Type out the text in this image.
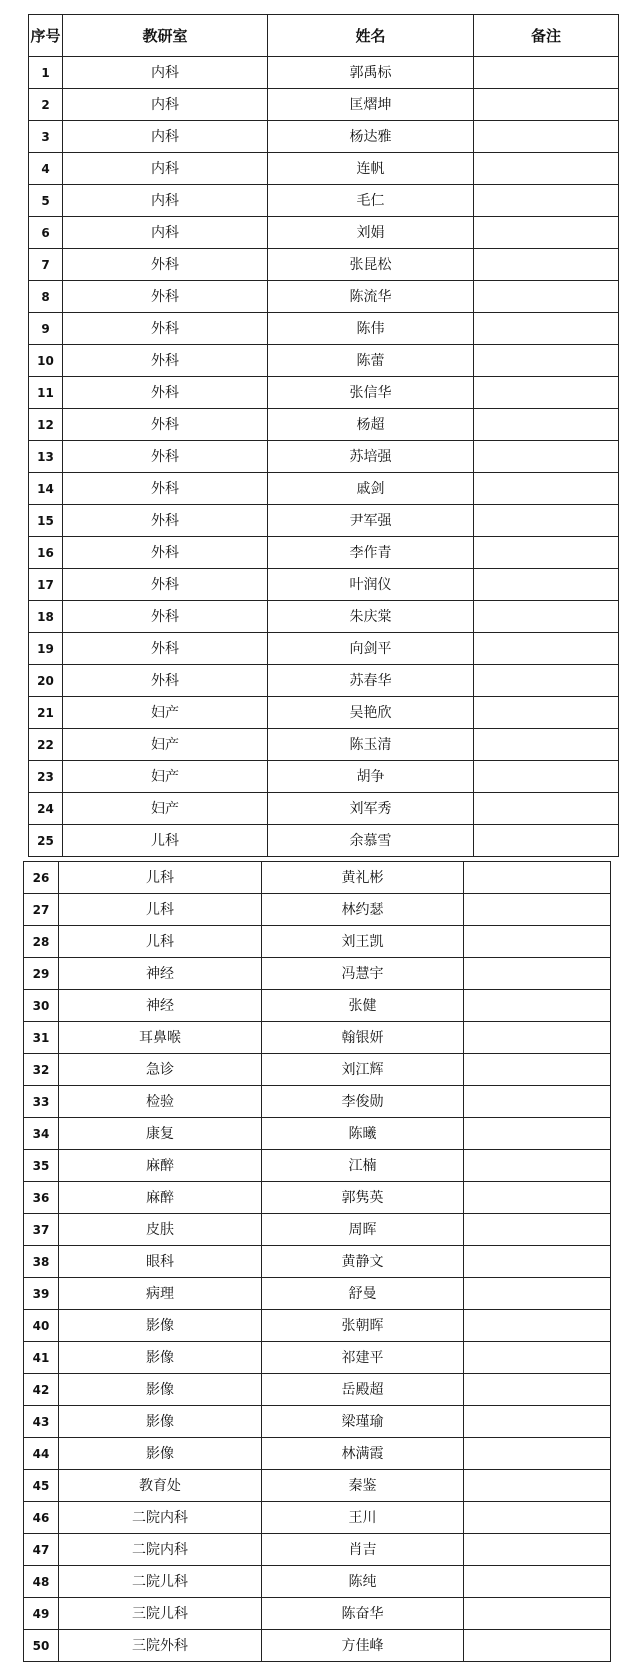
序号	教研室	姓名	备注
1	内科	郭禹标	
2	内科	匡熠坤	
3	内科	杨达雅	
4	内科	连帆	
5	内科	毛仁	
6	内科	刘娟	
7	外科	张昆松	
8	外科	陈流华	
9	外科	陈伟	
10	外科	陈蕾	
11	外科	张信华	
12	外科	杨超	
13	外科	苏培强	
14	外科	戚剑	
15	外科	尹军强	
16	外科	李作青	
17	外科	叶润仪	
18	外科	朱庆棠	
19	外科	向剑平	
20	外科	苏春华	
21	妇产	吴艳欣	
22	妇产	陈玉清	
23	妇产	胡争	
24	妇产	刘军秀	
25	儿科	余慕雪	
26	儿科	黄礼彬	
27	儿科	林约瑟	
28	儿科	刘王凯	
29	神经	冯慧宇	
30	神经	张健	
31	耳鼻喉	翰银妍	
32	急诊	刘江辉	
33	检验	李俊勋	
34	康复	陈曦	
35	麻醉	江楠	
36	麻醉	郭隽英	
37	皮肤	周晖	
38	眼科	黄静文	
39	病理	舒曼	
40	影像	张朝晖	
41	影像	祁建平	
42	影像	岳殿超	
43	影像	梁瑾瑜	
44	影像	林满霞	
45	教育处	秦鉴	
46	二院内科	王川	
47	二院内科	肖吉	
48	二院儿科	陈纯	
49	三院儿科	陈奋华	
50	三院外科	方佳峰	
